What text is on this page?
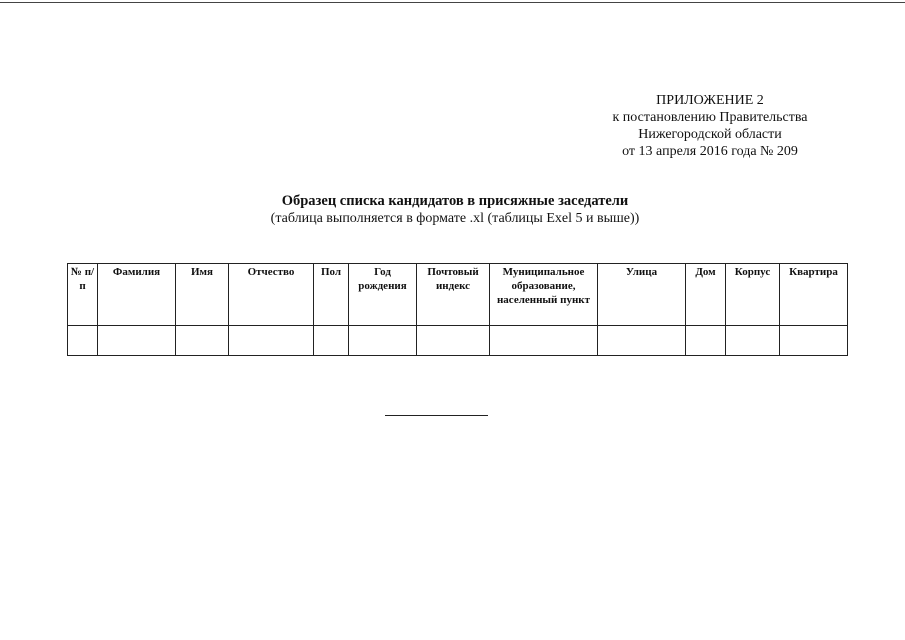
ПРИЛОЖЕНИЕ 2
к постановлению Правительства
Нижегородской области
от 13 апреля 2016 года № 209
Образец списка кандидатов в присяжные заседатели
(таблица выполняется в формате .xl (таблицы Exel 5 и выше))
№ п/п	Фамилия	Имя	Отчество	Пол	Год рождения	Почтовый индекс	Муниципальное образование, населенный пункт	Улица	Дом	Корпус	Квартира
